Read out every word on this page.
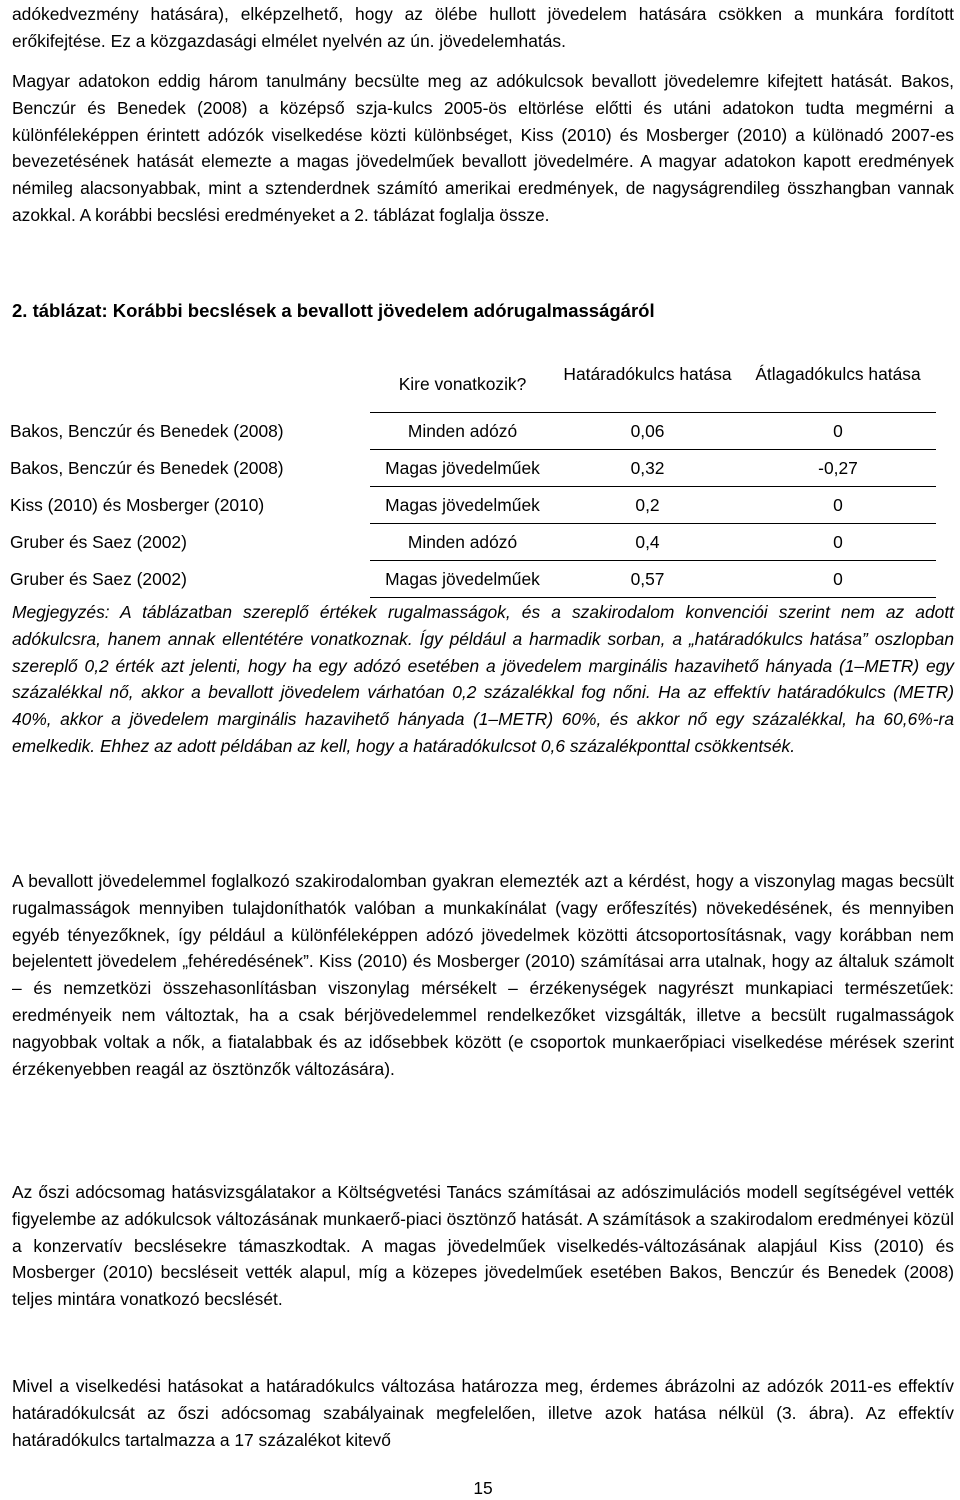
adókedvezmény hatására), elképzelhető, hogy az ölébe hullott jövedelem hatására csökken a munkára fordított erőkifejtése. Ez a közgazdasági elmélet nyelvén az ún. jövedelemhatás.

Magyar adatokon eddig három tanulmány becsülte meg az adókulcsok bevallott jövedelemre kifejtett hatását. Bakos, Benczúr és Benedek (2008) a középső szja-kulcs 2005-ös eltörlése előtti és utáni adatokon tudta megmérni a különféleképpen érintett adózók viselkedése közti különbséget, Kiss (2010) és Mosberger (2010) a különadó 2007-es bevezetésének hatását elemezte a magas jövedelműek bevallott jövedelmére. A magyar adatokon kapott eredmények némileg alacsonyabbak, mint a sztenderdnek számító amerikai eredmények, de nagyságrendileg összhangban vannak azokkal. A korábbi becslési eredményeket a 2. táblázat foglalja össze.

2. táblázat: Korábbi becslések a bevallott jövedelem adórugalmasságáról
	Kire vonatkozik?	Határadókulcs hatása	Átlagadókulcs hatása
Bakos, Benczúr és Benedek (2008)	Minden adózó	0,06	0
Bakos, Benczúr és Benedek (2008)	Magas jövedelműek	0,32	-0,27
Kiss (2010) és Mosberger (2010)	Magas jövedelműek	0,2	0
Gruber és Saez (2002)	Minden adózó	0,4	0
Gruber és Saez (2002)	Magas jövedelműek	0,57	0

Megjegyzés: A táblázatban szereplő értékek rugalmasságok, és a szakirodalom konvenciói szerint nem az adott adókulcsra, hanem annak ellentétére vonatkoznak. Így például a harmadik sorban, a „határadókulcs hatása” oszlopban szereplő 0,2 érték azt jelenti, hogy ha egy adózó esetében a jövedelem marginális hazavihető hányada (1–METR) egy százalékkal nő, akkor a bevallott jövedelem várhatóan 0,2 százalékkal fog nőni. Ha az effektív határadókulcs (METR) 40%, akkor a jövedelem marginális hazavihető hányada (1–METR) 60%, és akkor nő egy százalékkal, ha 60,6%-ra emelkedik. Ehhez az adott példában az kell, hogy a határadókulcsot 0,6 százalékponttal csökkentsék.

A bevallott jövedelemmel foglalkozó szakirodalomban gyakran elemezték azt a kérdést, hogy a viszonylag magas becsült rugalmasságok mennyiben tulajdoníthatók valóban a munkakínálat (vagy erőfeszítés) növekedésének, és mennyiben egyéb tényezőknek, így például a különféleképpen adózó jövedelmek közötti átcsoportosításnak, vagy korábban nem bejelentett jövedelem „fehéredésének”. Kiss (2010) és Mosberger (2010) számításai arra utalnak, hogy az általuk számolt – és nemzetközi összehasonlításban viszonylag mérsékelt – érzékenységek nagyrészt munkapiaci természetűek: eredményeik nem változtak, ha a csak bérjövedelemmel rendelkezőket vizsgálták, illetve a becsült rugalmasságok nagyobbak voltak a nők, a fiatalabbak és az idősebbek között (e csoportok munkaerőpiaci viselkedése mérések szerint érzékenyebben reagál az ösztönzők változására).

Az őszi adócsomag hatásvizsgálatakor a Költségvetési Tanács számításai az adószimulációs modell segítségével vették figyelembe az adókulcsok változásának munkaerő-piaci ösztönző hatását. A számítások a szakirodalom eredményei közül a konzervatív becslésekre támaszkodtak. A magas jövedelműek viselkedés-változásának alapjául Kiss (2010) és Mosberger (2010) becsléseit vették alapul, míg a közepes jövedelműek esetében Bakos, Benczúr és Benedek (2008) teljes mintára vonatkozó becslését.

Mivel a viselkedési hatásokat a határadókulcs változása határozza meg, érdemes ábrázolni az adózók 2011-es effektív határadókulcsát az őszi adócsomag szabályainak megfelelően, illetve azok hatása nélkül (3. ábra). Az effektív határadókulcs tartalmazza a 17 százalékot kitevő

15
